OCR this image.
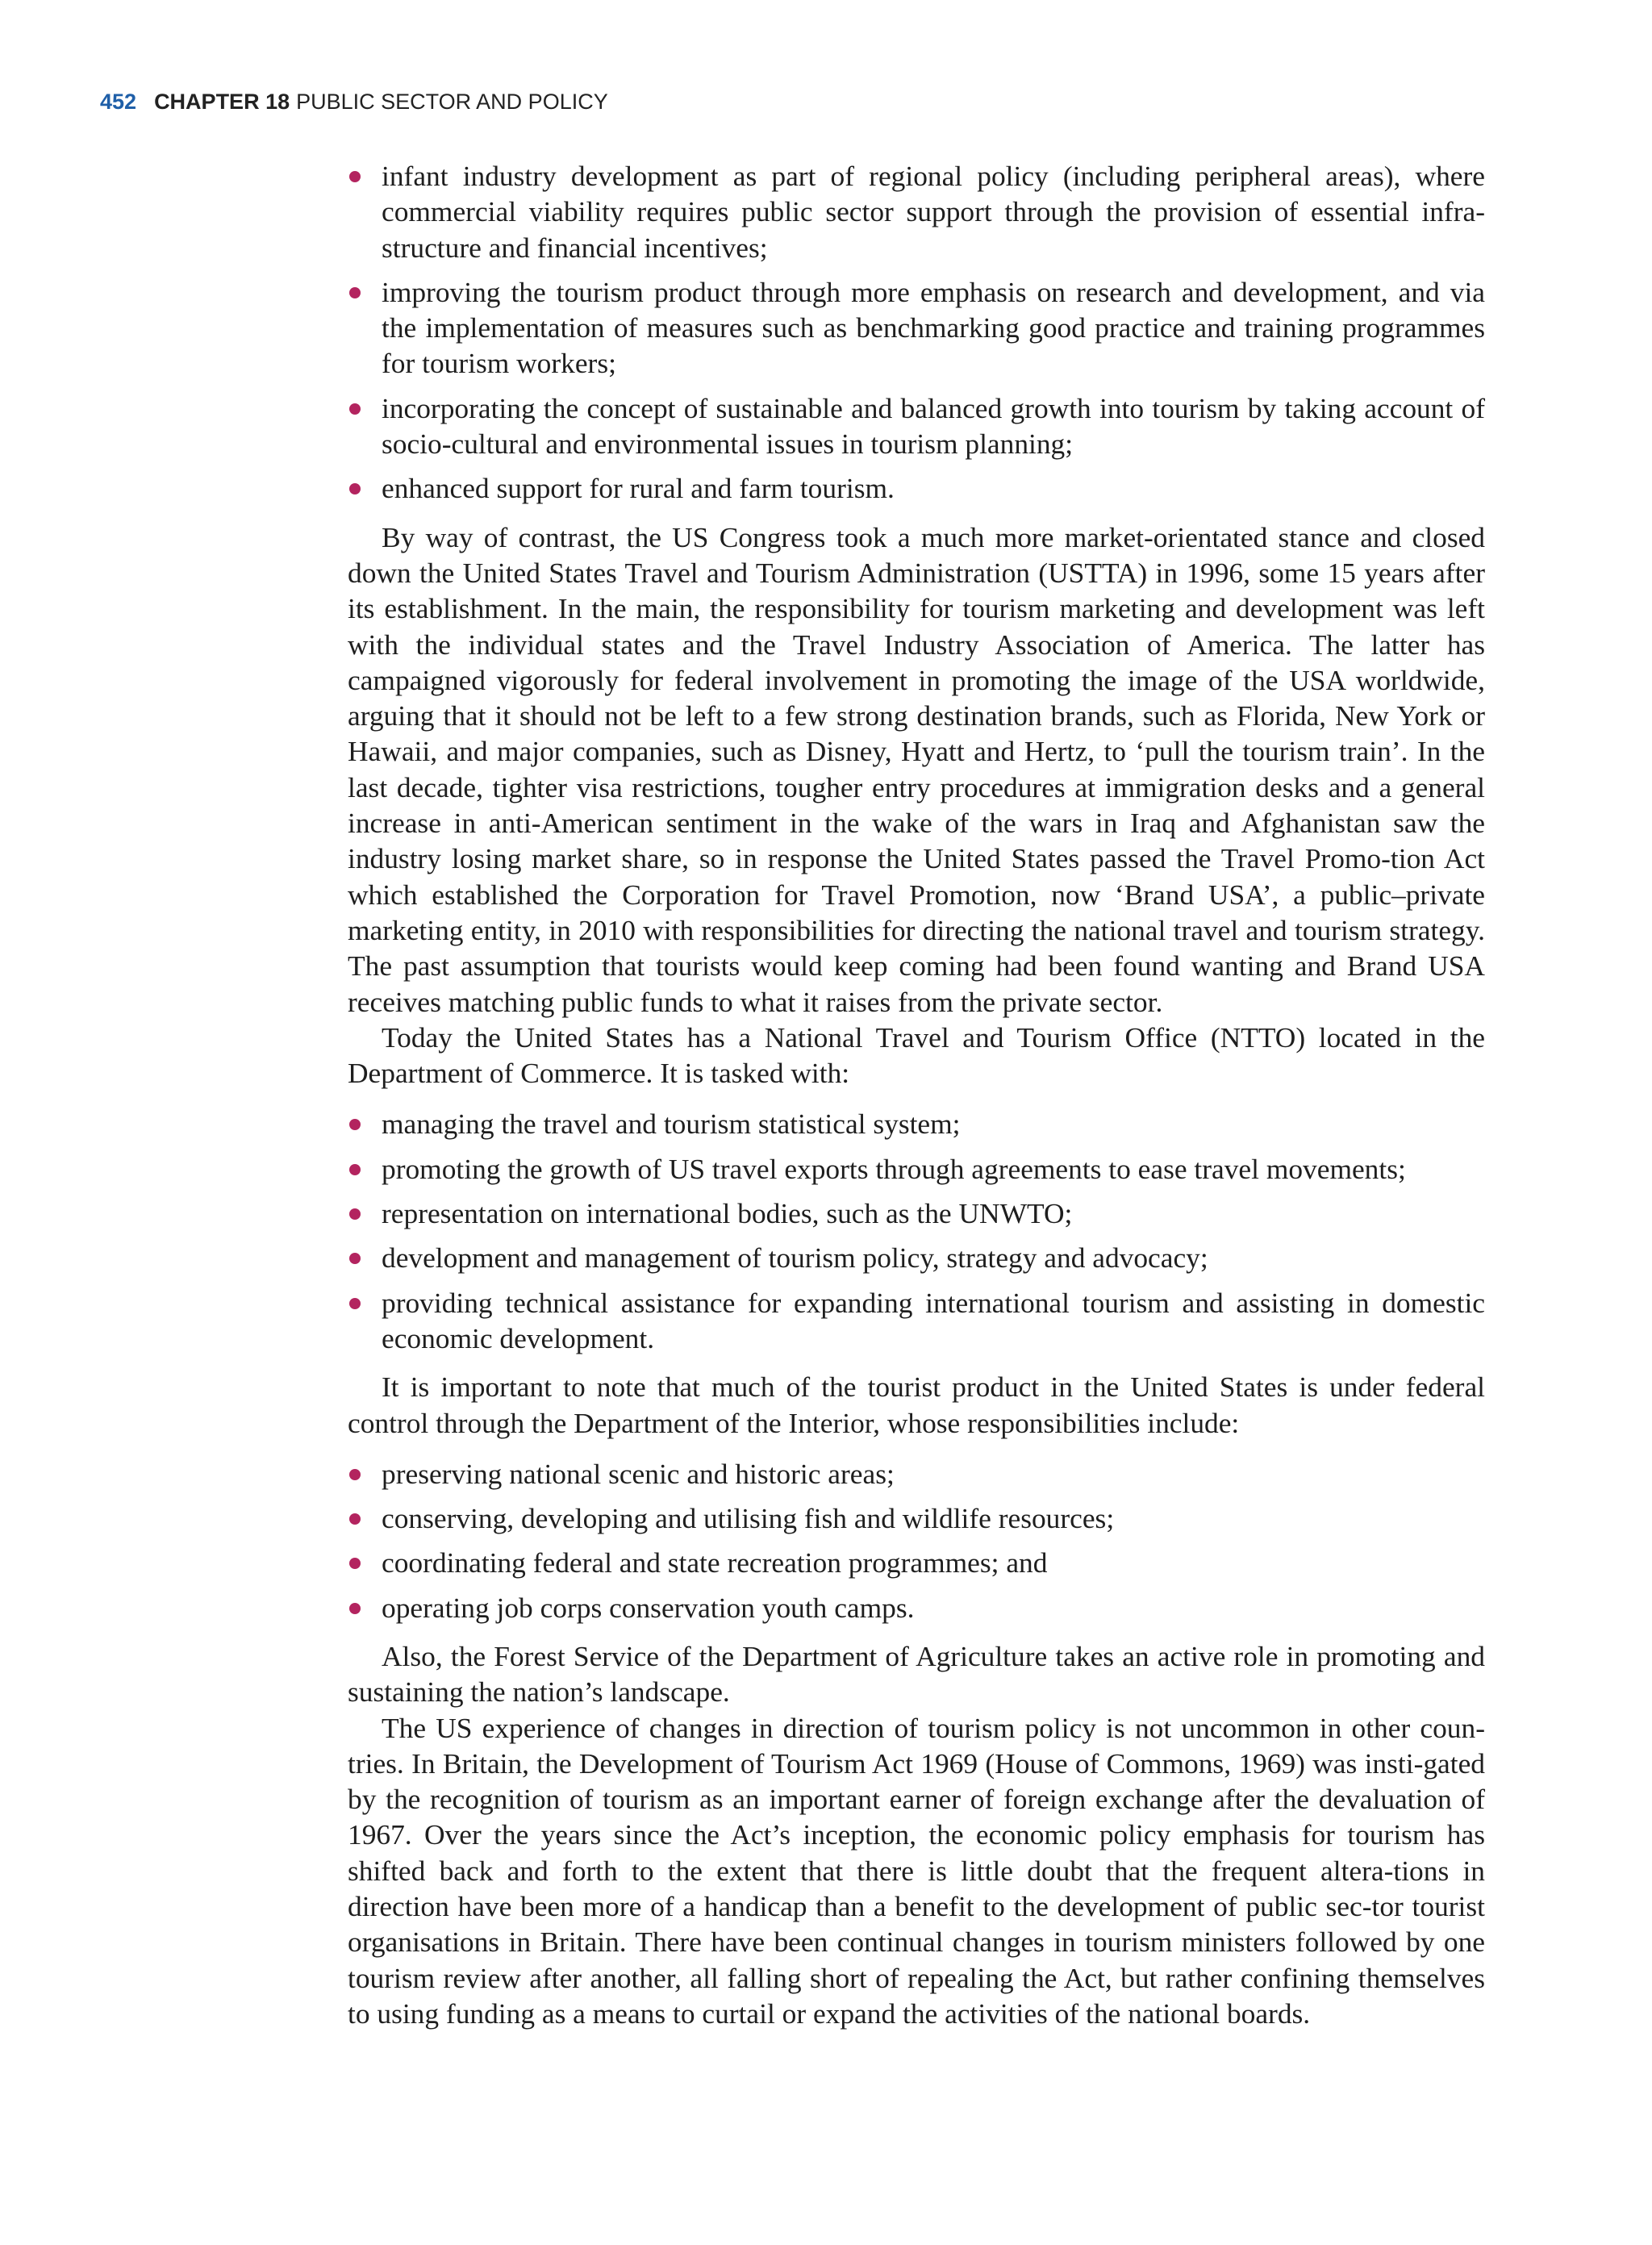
452 CHAPTER 18 PUBLIC SECTOR AND POLICY
infant industry development as part of regional policy (including peripheral areas), where commercial viability requires public sector support through the provision of essential infra-structure and financial incentives;
improving the tourism product through more emphasis on research and development, and via the implementation of measures such as benchmarking good practice and training programmes for tourism workers;
incorporating the concept of sustainable and balanced growth into tourism by taking account of socio-cultural and environmental issues in tourism planning;
enhanced support for rural and farm tourism.

By way of contrast, the US Congress took a much more market-orientated stance and closed down the United States Travel and Tourism Administration (USTTA) in 1996, some 15 years after its establishment. In the main, the responsibility for tourism marketing and development was left with the individual states and the Travel Industry Association of America. The latter has campaigned vigorously for federal involvement in promoting the image of the USA worldwide, arguing that it should not be left to a few strong destination brands, such as Florida, New York or Hawaii, and major companies, such as Disney, Hyatt and Hertz, to ‘pull the tourism train’. In the last decade, tighter visa restrictions, tougher entry procedures at immigration desks and a general increase in anti-American sentiment in the wake of the wars in Iraq and Afghanistan saw the industry losing market share, so in response the United States passed the Travel Promo-tion Act which established the Corporation for Travel Promotion, now ‘Brand USA’, a public–private marketing entity, in 2010 with responsibilities for directing the national travel and tourism strategy. The past assumption that tourists would keep coming had been found wanting and Brand USA receives matching public funds to what it raises from the private sector.

Today the United States has a National Travel and Tourism Office (NTTO) located in the Department of Commerce. It is tasked with:

managing the travel and tourism statistical system;
promoting the growth of US travel exports through agreements to ease travel movements;
representation on international bodies, such as the UNWTO;
development and management of tourism policy, strategy and advocacy;
providing technical assistance for expanding international tourism and assisting in domestic economic development.

It is important to note that much of the tourist product in the United States is under federal control through the Department of the Interior, whose responsibilities include:

preserving national scenic and historic areas;
conserving, developing and utilising fish and wildlife resources;
coordinating federal and state recreation programmes; and
operating job corps conservation youth camps.

Also, the Forest Service of the Department of Agriculture takes an active role in promoting and sustaining the nation’s landscape.

The US experience of changes in direction of tourism policy is not uncommon in other coun-tries. In Britain, the Development of Tourism Act 1969 (House of Commons, 1969) was insti-gated by the recognition of tourism as an important earner of foreign exchange after the devaluation of 1967. Over the years since the Act’s inception, the economic policy emphasis for tourism has shifted back and forth to the extent that there is little doubt that the frequent altera-tions in direction have been more of a handicap than a benefit to the development of public sec-tor tourist organisations in Britain. There have been continual changes in tourism ministers followed by one tourism review after another, all falling short of repealing the Act, but rather confining themselves to using funding as a means to curtail or expand the activities of the national boards.
